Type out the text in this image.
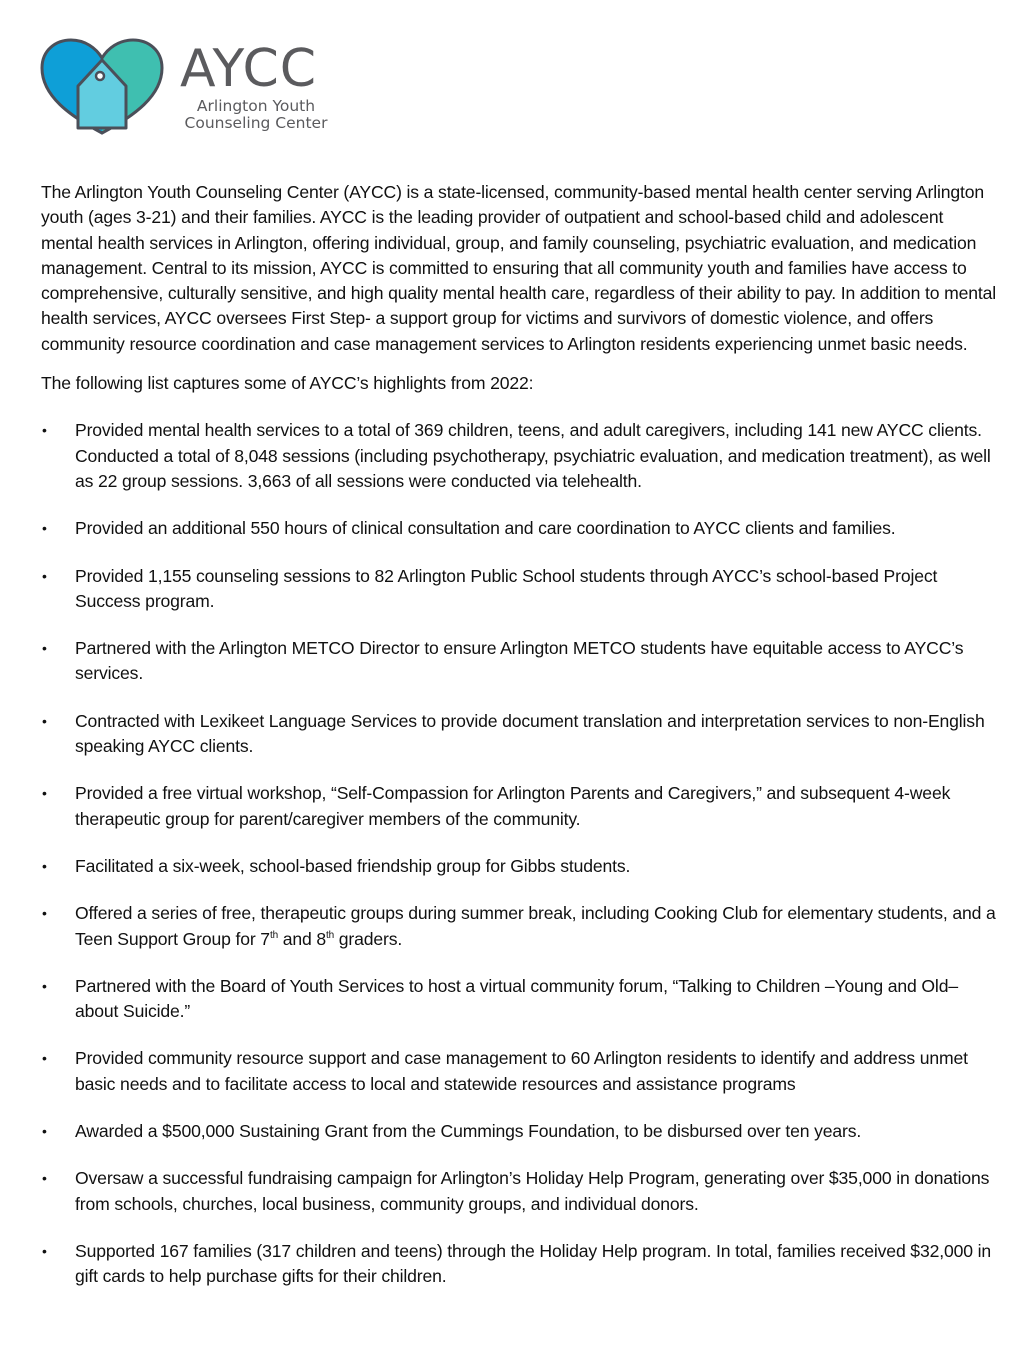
AYCC
Arlington Youth
Counseling Center

The Arlington Youth Counseling Center (AYCC) is a state-licensed, community-based mental health center serving Arlington youth (ages 3-21) and their families. AYCC is the leading provider of outpatient and school-based child and adolescent mental health services in Arlington, offering individual, group, and family counseling, psychiatric evaluation, and medication management. Central to its mission, AYCC is committed to ensuring that all community youth and families have access to comprehensive, culturally sensitive, and high quality mental health care, regardless of their ability to pay. In addition to mental health services, AYCC oversees First Step- a support group for victims and survivors of domestic violence, and offers community resource coordination and case management services to Arlington residents experiencing unmet basic needs.

The following list captures some of AYCC’s highlights from 2022:

• Provided mental health services to a total of 369 children, teens, and adult caregivers, including 141 new AYCC clients. Conducted a total of 8,048 sessions (including psychotherapy, psychiatric evaluation, and medication treatment), as well as 22 group sessions. 3,663 of all sessions were conducted via telehealth.
• Provided an additional 550 hours of clinical consultation and care coordination to AYCC clients and families.
• Provided 1,155 counseling sessions to 82 Arlington Public School students through AYCC’s school-based Project Success program.
• Partnered with the Arlington METCO Director to ensure Arlington METCO students have equitable access to AYCC’s services.
• Contracted with Lexikeet Language Services to provide document translation and interpretation services to non-English speaking AYCC clients.
• Provided a free virtual workshop, “Self-Compassion for Arlington Parents and Caregivers,” and subsequent 4-week therapeutic group for parent/caregiver members of the community.
• Facilitated a six-week, school-based friendship group for Gibbs students.
• Offered a series of free, therapeutic groups during summer break, including Cooking Club for elementary students, and a Teen Support Group for 7th and 8th graders.
• Partnered with the Board of Youth Services to host a virtual community forum, “Talking to Children –Young and Old– about Suicide.”
• Provided community resource support and case management to 60 Arlington residents to identify and address unmet basic needs and to facilitate access to local and statewide resources and assistance programs
• Awarded a $500,000 Sustaining Grant from the Cummings Foundation, to be disbursed over ten years.
• Oversaw a successful fundraising campaign for Arlington’s Holiday Help Program, generating over $35,000 in donations from schools, churches, local business, community groups, and individual donors.
• Supported 167 families (317 children and teens) through the Holiday Help program. In total, families received $32,000 in gift cards to help purchase gifts for their children.
